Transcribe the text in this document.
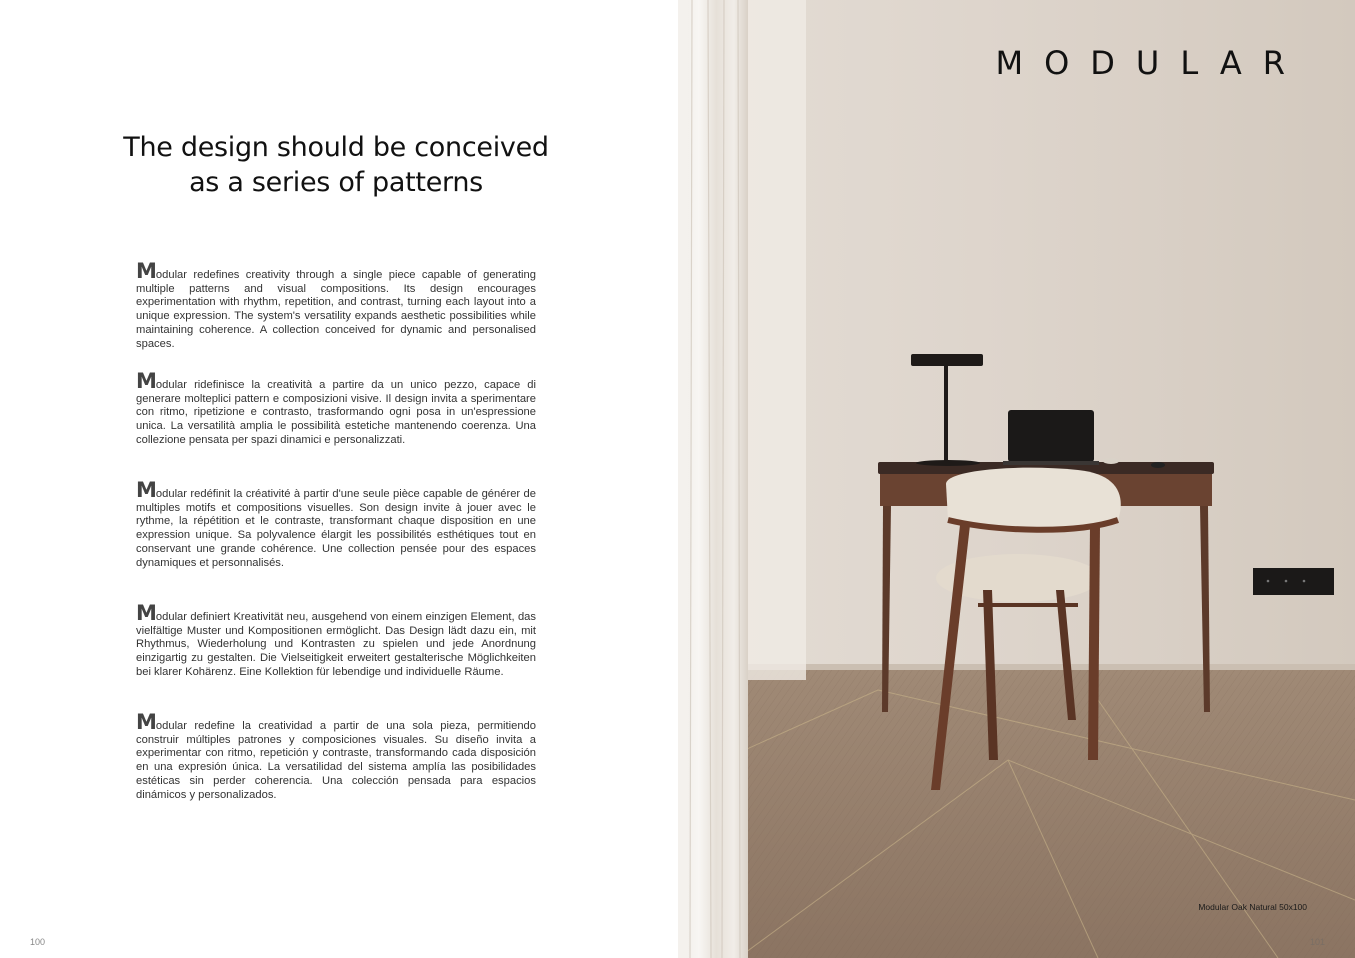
The design should be conceived
as a series of patterns

Modular redefines creativity through a single piece capable of generating multiple patterns and visual compositions. Its design encourages experimentation with rhythm, repetition, and contrast, turning each layout into a unique expression. The system's versatility expands aesthetic possibilities while maintaining coherence. A collection conceived for dynamic and personalised spaces.

Modular ridefinisce la creatività a partire da un unico pezzo, capace di generare molteplici pattern e composizioni visive. Il design invita a sperimentare con ritmo, ripetizione e contrasto, trasformando ogni posa in un'espressione unica. La versatilità amplia le possibilità estetiche mantenendo coerenza. Una collezione pensata per spazi dinamici e personalizzati.

Modular redéfinit la créativité à partir d'une seule pièce capable de générer de multiples motifs et compositions visuelles. Son design invite à jouer avec le rythme, la répétition et le contraste, transformant chaque disposition en une expression unique. Sa polyvalence élargit les possibilités esthétiques tout en conservant une grande cohérence. Une collection pensée pour des espaces dynamiques et personnalisés.

Modular definiert Kreativität neu, ausgehend von einem einzigen Element, das vielfältige Muster und Kompositionen ermöglicht. Das Design lädt dazu ein, mit Rhythmus, Wiederholung und Kontrasten zu spielen und jede Anordnung einzigartig zu gestalten. Die Vielseitigkeit erweitert gestalterische Möglichkeiten bei klarer Kohärenz. Eine Kollektion für lebendige und individuelle Räume.

Modular redefine la creatividad a partir de una sola pieza, permitiendo construir múltiples patrones y composiciones visuales. Su diseño invita a experimentar con ritmo, repetición y contraste, transformando cada disposición en una expresión única. La versatilidad del sistema amplía las posibilidades estéticas sin perder coherencia. Una colección pensada para espacios dinámicos y personalizados.

100
MODULAR
Modular Oak Natural 50x100
101
